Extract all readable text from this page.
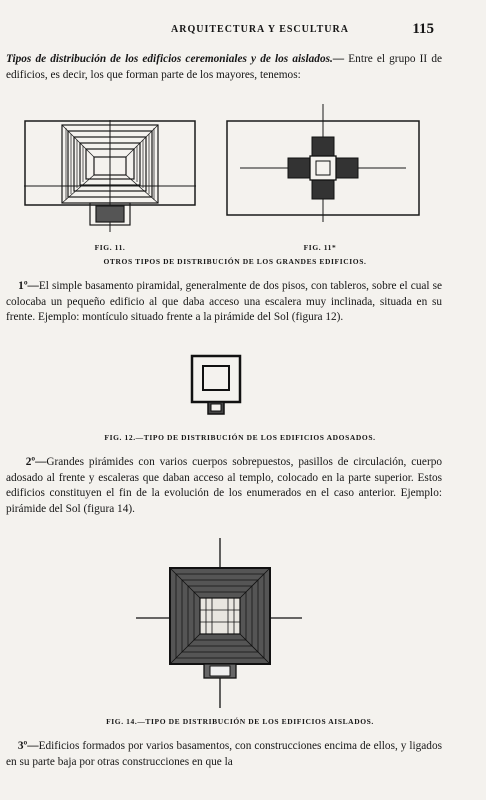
ARQUITECTURA Y ESCULTURA	115
Tipos de distribución de los edificios ceremoniales y de los aislados.— Entre el grupo II de edificios, es decir, los que forman parte de los mayores, tenemos:
FIG. 11.	FIG. 11*
OTROS TIPOS DE DISTRIBUCIÓN DE LOS GRANDES EDIFICIOS.
1º—El simple basamento piramidal, generalmente de dos pisos, con tableros, sobre el cual se colocaba un pequeño edificio al que daba acceso una escalera muy inclinada, situada en su frente. Ejemplo: montículo situado frente a la pirámide del Sol (figura 12).
FIG. 12.—TIPO DE DISTRIBUCIÓN DE LOS EDIFICIOS ADOSADOS.
2º—Grandes pirámides con varios cuerpos sobrepuestos, pasillos de circulación, cuerpo adosado al frente y escaleras que daban acceso al templo, colocado en la parte superior. Estos edificios constituyen el fin de la evolución de los enumerados en el caso anterior. Ejemplo: pirámide del Sol (figura 14).
FIG. 14.—TIPO DE DISTRIBUCIÓN DE LOS EDIFICIOS AISLADOS.
3º—Edificios formados por varios basamentos, con construcciones encima de ellos, y ligados en su parte baja por otras construcciones en que la
